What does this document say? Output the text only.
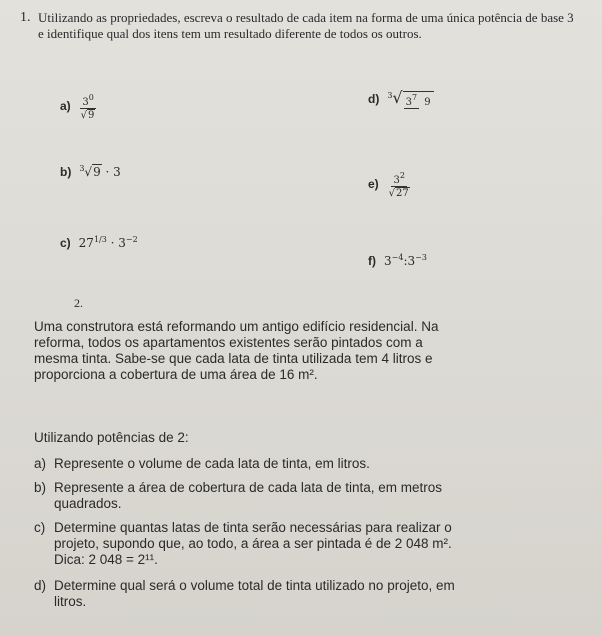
1. Utilizando as propriedades, escreva o resultado de cada item na forma de uma única potência de base 3 e identifique qual dos itens tem um resultado diferente de todos os outros.
$a) \frac{3^0}{√9}$	d) $^3$√ $3^7$ 9
b) $^3$√9 · 3
$e) \frac{3^2}{√27}$
c) $27^{1/3} \cdot 3^{-2}$
f) $3^{-4}:3^{-3}$
2.
Uma construtora está reformando um antigo edifício residencial. Na reforma, todos os apartamentos existentes serão pintados com a mesma tinta. Sabe-se que cada lata de tinta utilizada tem 4 litros e proporciona a cobertura de uma área de 16 m².
Utilizando potências de 2:
a) Represente o volume de cada lata de tinta, em litros.
b) Represente a área de cobertura de cada lata de tinta, em metros quadrados.
c) Determine quantas latas de tinta serão necessárias para realizar o projeto, supondo que, ao todo, a área a ser pintada é de 2 048 m². Dica: 2 048 = 2¹¹.
d) Determine qual será o volume total de tinta utilizado no projeto, em litros.
